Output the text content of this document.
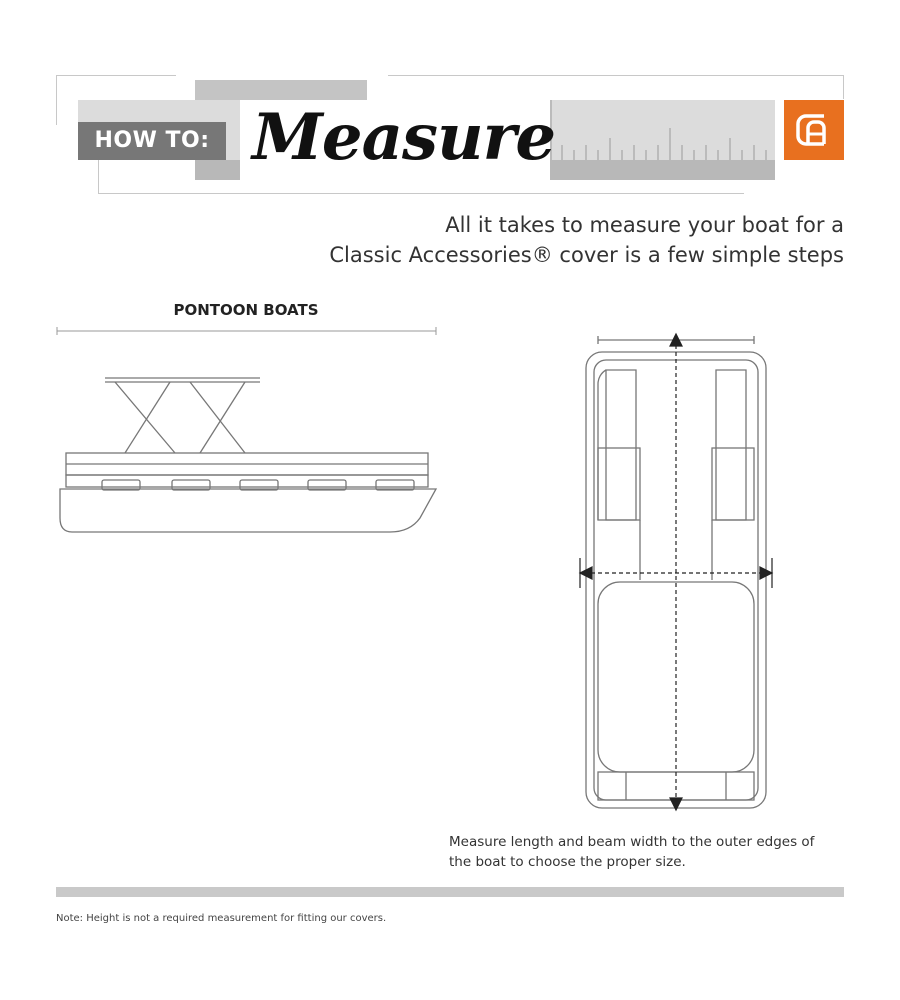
HOW TO: Measure
All it takes to measure your boat for a
Classic Accessories® cover is a few simple steps
PONTOON BOATS
Measure length and beam width to the outer edges of
the boat to choose the proper size.
Note: Height is not a required measurement for fitting our covers.
